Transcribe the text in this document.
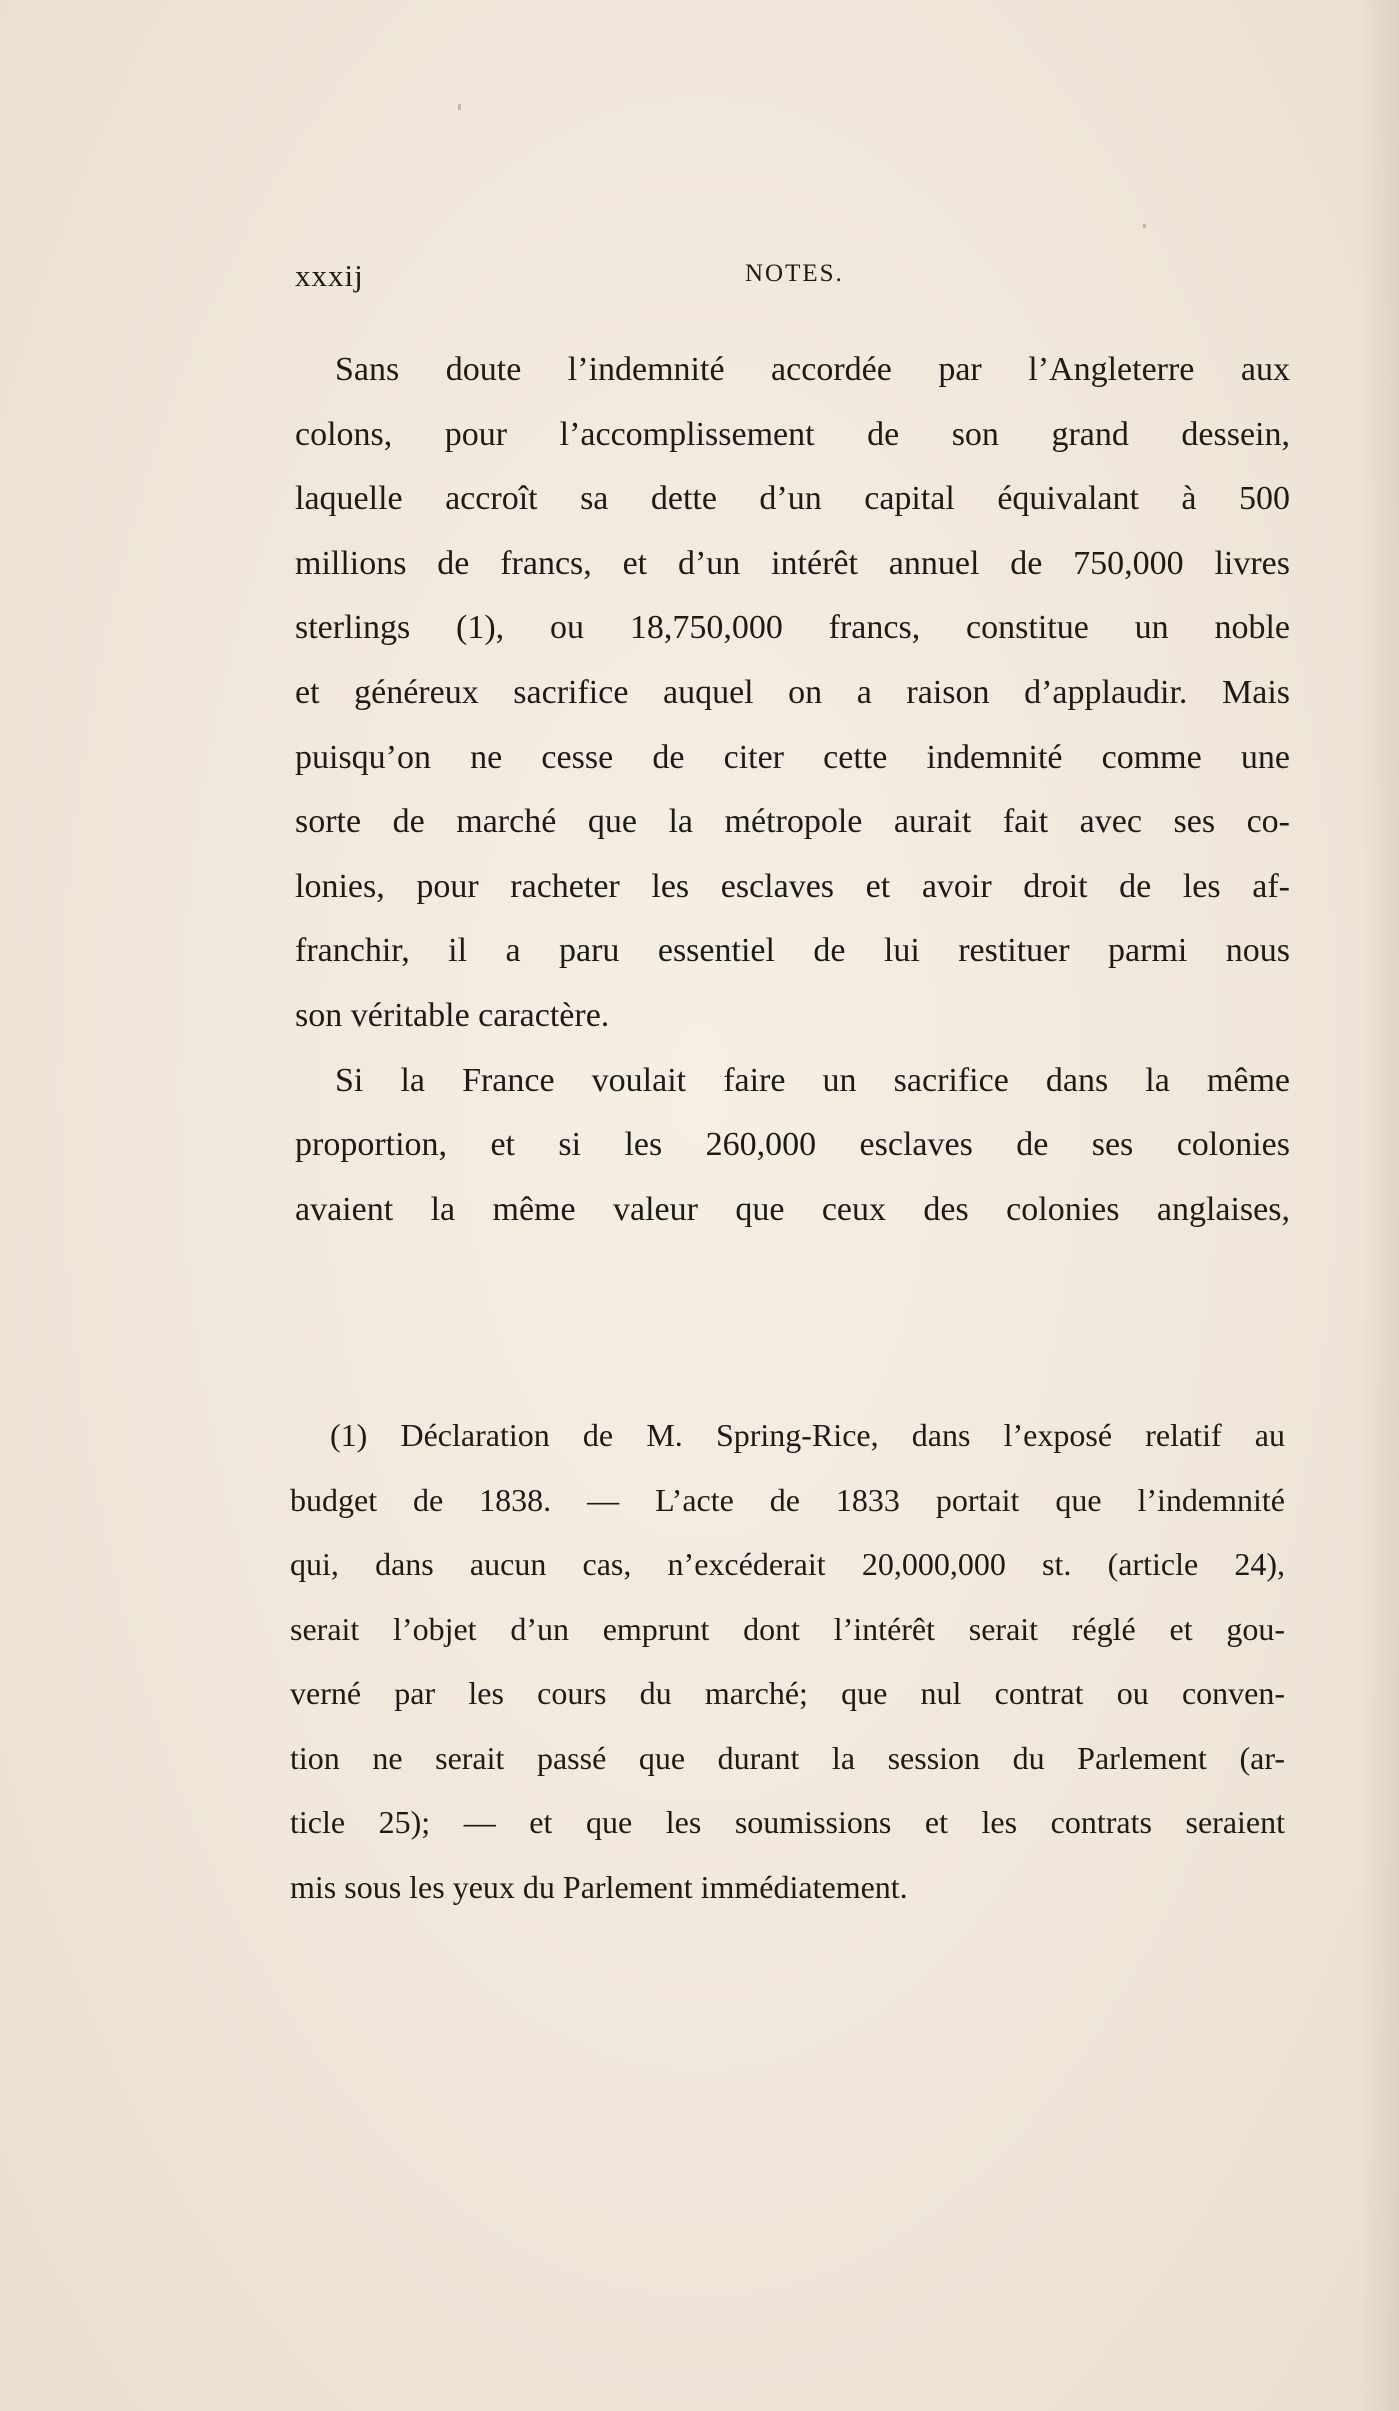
xxxij	NOTES.
Sans doute l’indemnité accordée par l’Angleterre aux
colons, pour l’accomplissement de son grand dessein,
laquelle accroît sa dette d’un capital équivalant à 500
millions de francs, et d’un intérêt annuel de 750,000 livres
sterlings (1), ou 18,750,000 francs, constitue un noble
et généreux sacrifice auquel on a raison d’applaudir. Mais
puisqu’on ne cesse de citer cette indemnité comme une
sorte de marché que la métropole aurait fait avec ses co-
lonies, pour racheter les esclaves et avoir droit de les af-
franchir, il a paru essentiel de lui restituer parmi nous
son véritable caractère.
Si la France voulait faire un sacrifice dans la même
proportion, et si les 260,000 esclaves de ses colonies
avaient la même valeur que ceux des colonies anglaises,
(1) Déclaration de M. Spring-Rice, dans l’exposé relatif au
budget de 1838. — L’acte de 1833 portait que l’indemnité
qui, dans aucun cas, n’excéderait 20,000,000 st. (article 24),
serait l’objet d’un emprunt dont l’intérêt serait réglé et gou-
verné par les cours du marché; que nul contrat ou conven-
tion ne serait passé que durant la session du Parlement (ar-
ticle 25); — et que les soumissions et les contrats seraient
mis sous les yeux du Parlement immédiatement.
